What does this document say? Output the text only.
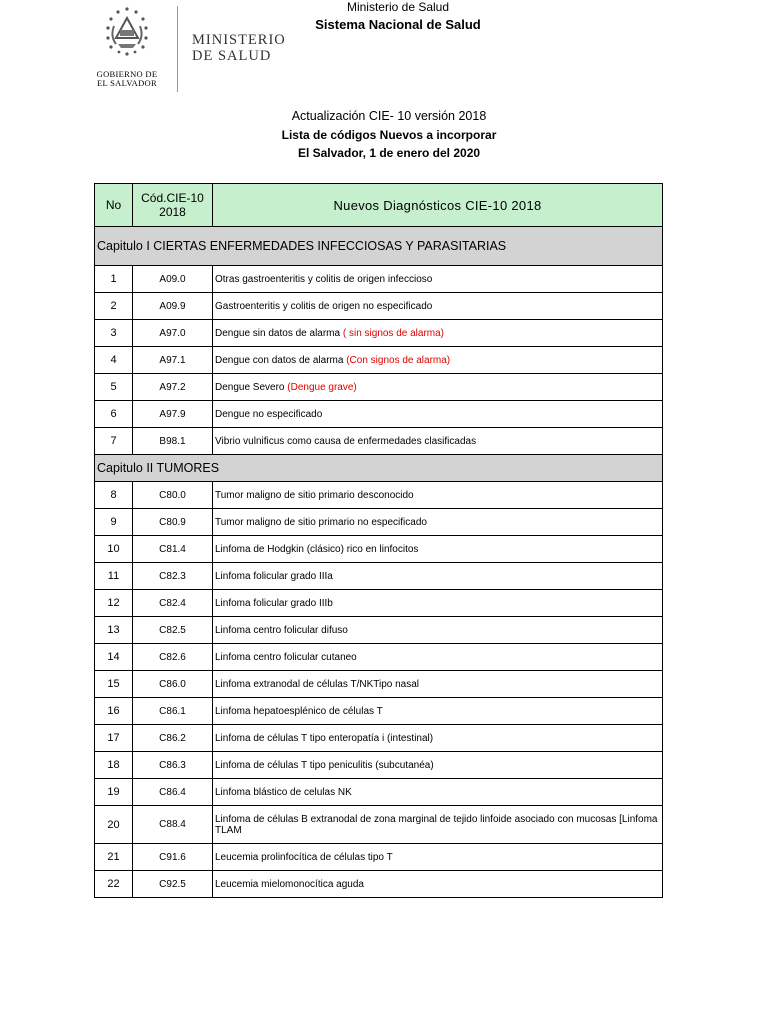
GOBIERNO DE
EL SALVADOR
MINISTERIO
DE SALUD
Ministerio de Salud
Sistema Nacional de Salud
Actualización CIE- 10 versión 2018
Lista de códigos Nuevos a incorporar
El Salvador, 1 de enero del 2020
No	Cód.CIE-10 2018	Nuevos Diagnósticos CIE-10 2018
Capitulo I CIERTAS ENFERMEDADES INFECCIOSAS Y PARASITARIAS		
1	A09.0	Otras gastroenteritis y colitis de origen infeccioso
2	A09.9	Gastroenteritis y colitis de origen no especificado
3	A97.0	Dengue sin datos de alarma ( sin signos de alarma)
4	A97.1	Dengue con datos de alarma (Con signos de alarma)
5	A97.2	Dengue Severo (Dengue grave)
6	A97.9	Dengue no especificado
7	B98.1	Vibrio vulnificus como causa de enfermedades clasificadas
Capitulo II TUMORES		
8	C80.0	Tumor maligno de sitio primario desconocido
9	C80.9	Tumor maligno de sitio primario no especificado
10	C81.4	Linfoma de Hodgkin (clásico) rico en linfocitos
11	C82.3	Linfoma folicular grado IIIa
12	C82.4	Linfoma folicular grado IIIb
13	C82.5	Linfoma centro folicular difuso
14	C82.6	Linfoma centro folicular cutaneo
15	C86.0	Linfoma extranodal de células T/NKTipo nasal
16	C86.1	Linfoma hepatoesplénico de células T
17	C86.2	Linfoma de células T tipo enteropatía i (intestinal)
18	C86.3	Linfoma de células T tipo peniculitis (subcutanéa)
19	C86.4	Linfoma blástico de celulas NK
20	C88.4	Linfoma de células B extranodal de zona marginal de tejido linfoide asociado con mucosas [Linfoma TLAM
21	C91.6	Leucemia prolinfocítica de células tipo T
22	C92.5	Leucemia mielomonocítica aguda
